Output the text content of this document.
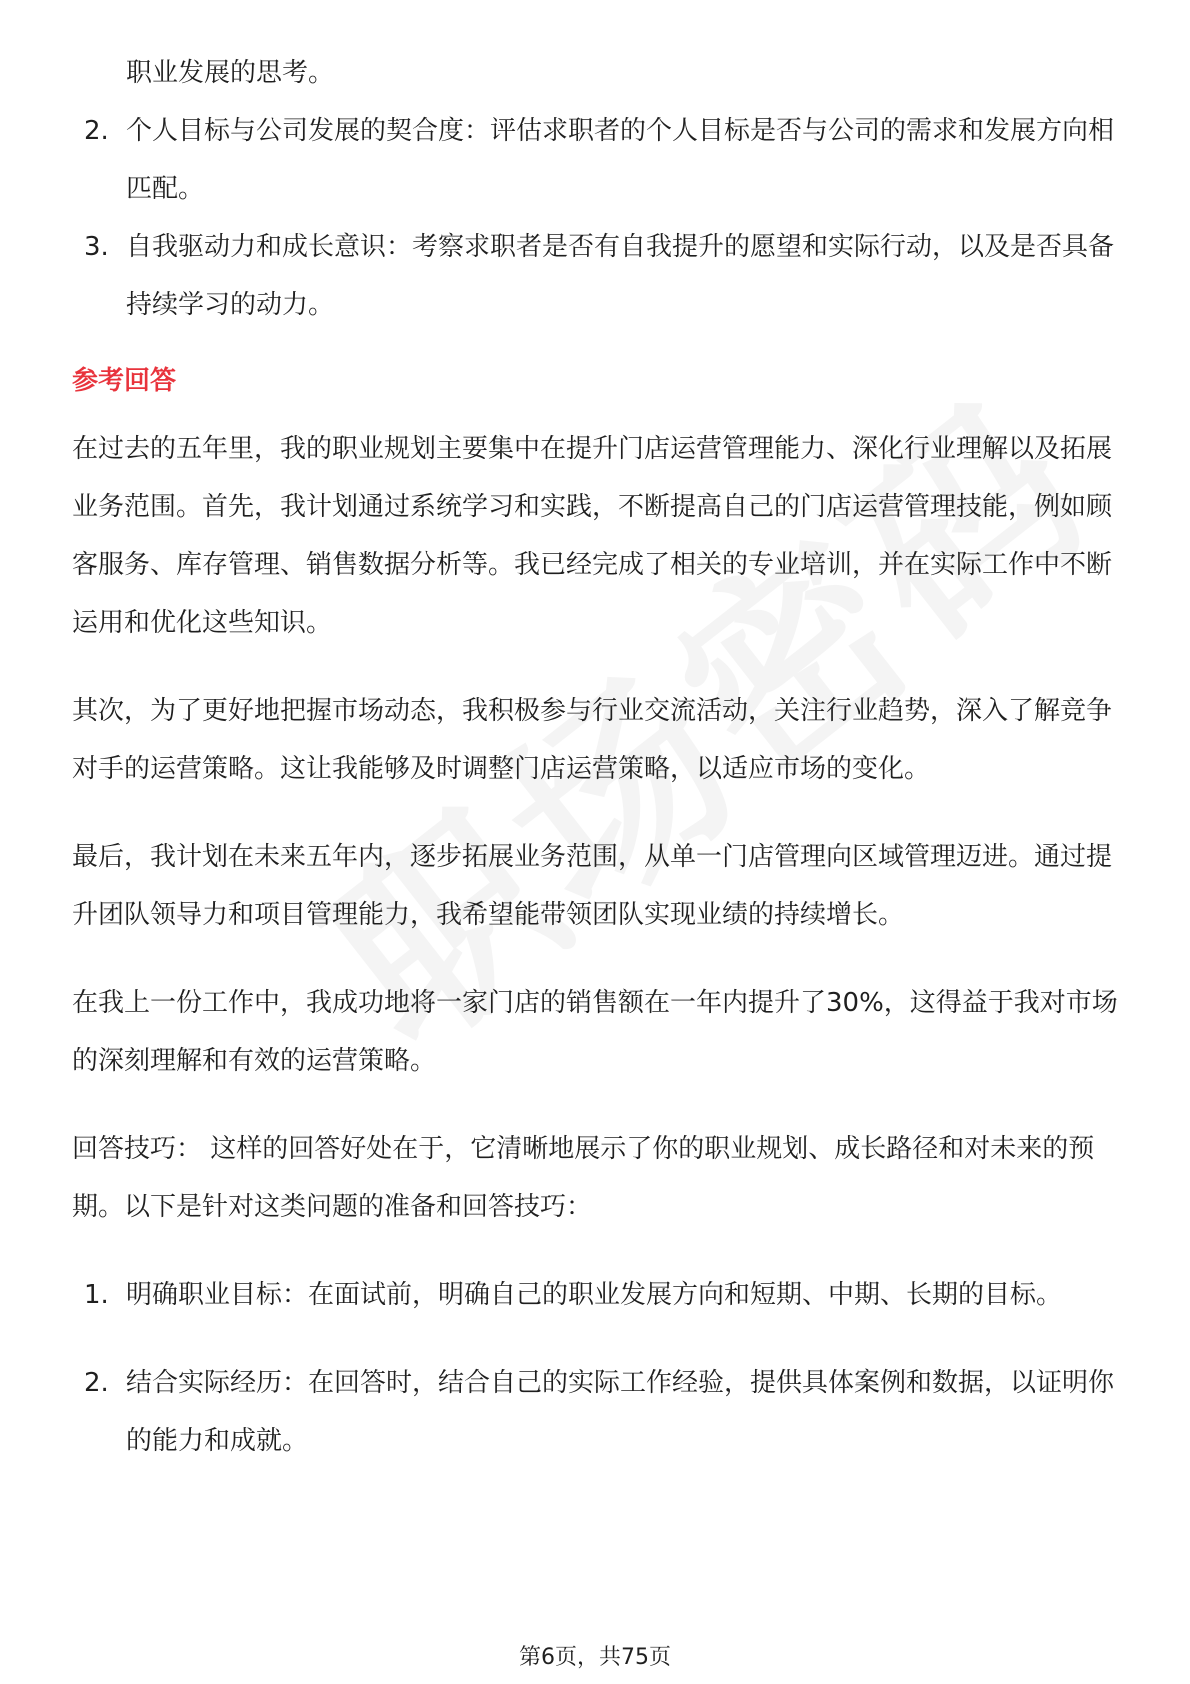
职业发展的思考。
2. 个人目标与公司发展的契合度：评估求职者的个人目标是否与公司的需求和发展方向相匹配。
3. 自我驱动力和成长意识：考察求职者是否有自我提升的愿望和实际行动，以及是否具备持续学习的动力。
参考回答

在过去的五年里，我的职业规划主要集中在提升门店运营管理能力、深化行业理解以及拓展业务范围。首先，我计划通过系统学习和实践，不断提高自己的门店运营管理技能，例如顾客服务、库存管理、销售数据分析等。我已经完成了相关的专业培训，并在实际工作中不断运用和优化这些知识。

其次，为了更好地把握市场动态，我积极参与行业交流活动，关注行业趋势，深入了解竞争对手的运营策略。这让我能够及时调整门店运营策略，以适应市场的变化。

最后，我计划在未来五年内，逐步拓展业务范围，从单一门店管理向区域管理迈进。通过提升团队领导力和项目管理能力，我希望能带领团队实现业绩的持续增长。

在我上一份工作中，我成功地将一家门店的销售额在一年内提升了30%，这得益于我对市场的深刻理解和有效的运营策略。

回答技巧： 这样的回答好处在于，它清晰地展示了你的职业规划、成长路径和对未来的预期。以下是针对这类问题的准备和回答技巧：

1. 明确职业目标：在面试前，明确自己的职业发展方向和短期、中期、长期的目标。
2. 结合实际经历：在回答时，结合自己的实际工作经验，提供具体案例和数据，以证明你的能力和成就。
第6页，共75页
